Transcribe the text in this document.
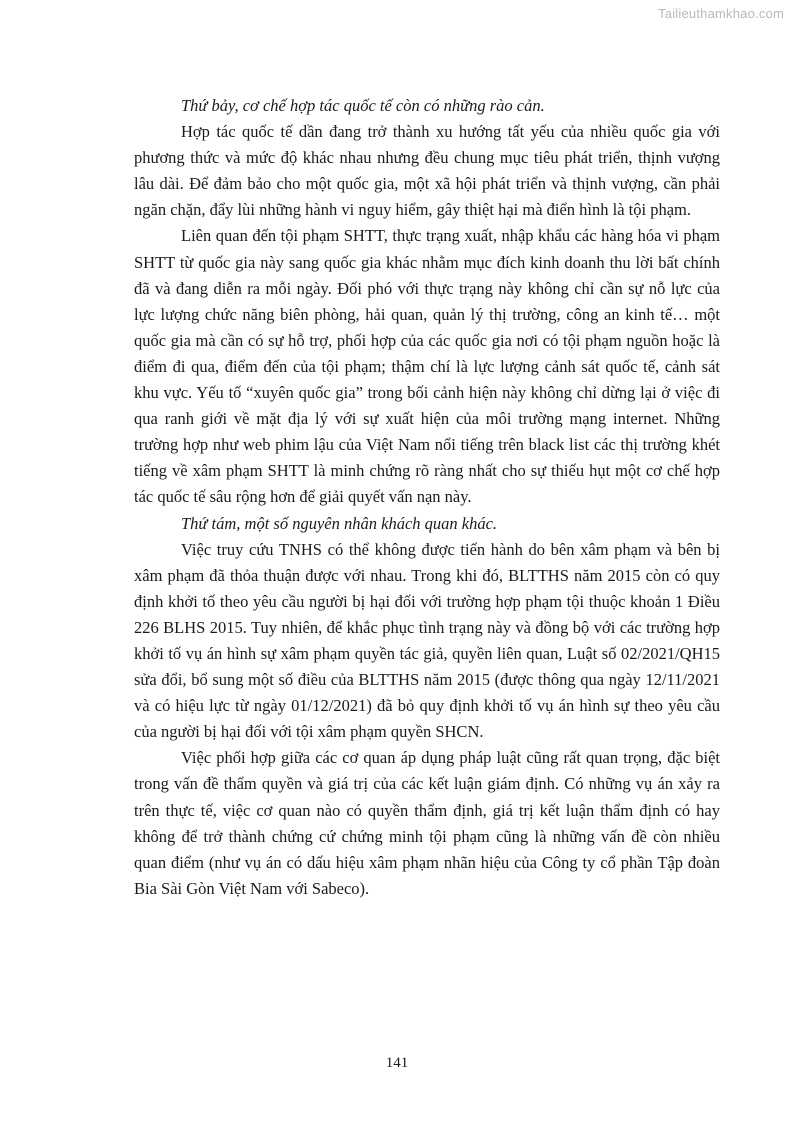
Tailieuthamkhao.com

Thứ bảy, cơ chế hợp tác quốc tế còn có những rào cản.

Hợp tác quốc tế dần đang trở thành xu hướng tất yếu của nhiều quốc gia với phương thức và mức độ khác nhau nhưng đều chung mục tiêu phát triển, thịnh vượng lâu dài. Để đảm bảo cho một quốc gia, một xã hội phát triển và thịnh vượng, cần phải ngăn chặn, đẩy lùi những hành vi nguy hiểm, gây thiệt hại mà điển hình là tội phạm.

Liên quan đến tội phạm SHTT, thực trạng xuất, nhập khẩu các hàng hóa vi phạm SHTT từ quốc gia này sang quốc gia khác nhằm mục đích kinh doanh thu lời bất chính đã và đang diễn ra mỗi ngày. Đối phó với thực trạng này không chỉ cần sự nỗ lực của lực lượng chức năng biên phòng, hải quan, quản lý thị trường, công an kinh tế… một quốc gia mà cần có sự hỗ trợ, phối hợp của các quốc gia nơi có tội phạm nguồn hoặc là điểm đi qua, điểm đến của tội phạm; thậm chí là lực lượng cảnh sát quốc tế, cảnh sát khu vực. Yếu tố “xuyên quốc gia” trong bối cảnh hiện này không chỉ dừng lại ở việc đi qua ranh giới về mặt địa lý với sự xuất hiện của môi trường mạng internet. Những trường hợp như web phim lậu của Việt Nam nổi tiếng trên black list các thị trường khét tiếng về xâm phạm SHTT là minh chứng rõ ràng nhất cho sự thiếu hụt một cơ chế hợp tác quốc tế sâu rộng hơn để giải quyết vấn nạn này.

Thứ tám, một số nguyên nhân khách quan khác.

Việc truy cứu TNHS có thể không được tiến hành do bên xâm phạm và bên bị xâm phạm đã thỏa thuận được với nhau. Trong khi đó, BLTTHS năm 2015 còn có quy định khởi tố theo yêu cầu người bị hại đối với trường hợp phạm tội thuộc khoản 1 Điều 226 BLHS 2015. Tuy nhiên, để khắc phục tình trạng này và đồng bộ với các trường hợp khởi tố vụ án hình sự xâm phạm quyền tác giả, quyền liên quan, Luật số 02/2021/QH15 sửa đổi, bổ sung một số điều của BLTTHS năm 2015 (được thông qua ngày 12/11/2021 và có hiệu lực từ ngày 01/12/2021) đã bỏ quy định khởi tố vụ án hình sự theo yêu cầu của người bị hại đối với tội xâm phạm quyền SHCN.

Việc phối hợp giữa các cơ quan áp dụng pháp luật cũng rất quan trọng, đặc biệt trong vấn đề thẩm quyền và giá trị của các kết luận giám định. Có những vụ án xảy ra trên thực tế, việc cơ quan nào có quyền thẩm định, giá trị kết luận thẩm định có hay không để trở thành chứng cứ chứng minh tội phạm cũng là những vấn đề còn nhiều quan điểm (như vụ án có dấu hiệu xâm phạm nhãn hiệu của Công ty cổ phần Tập đoàn Bia Sài Gòn Việt Nam với Sabeco).

141
